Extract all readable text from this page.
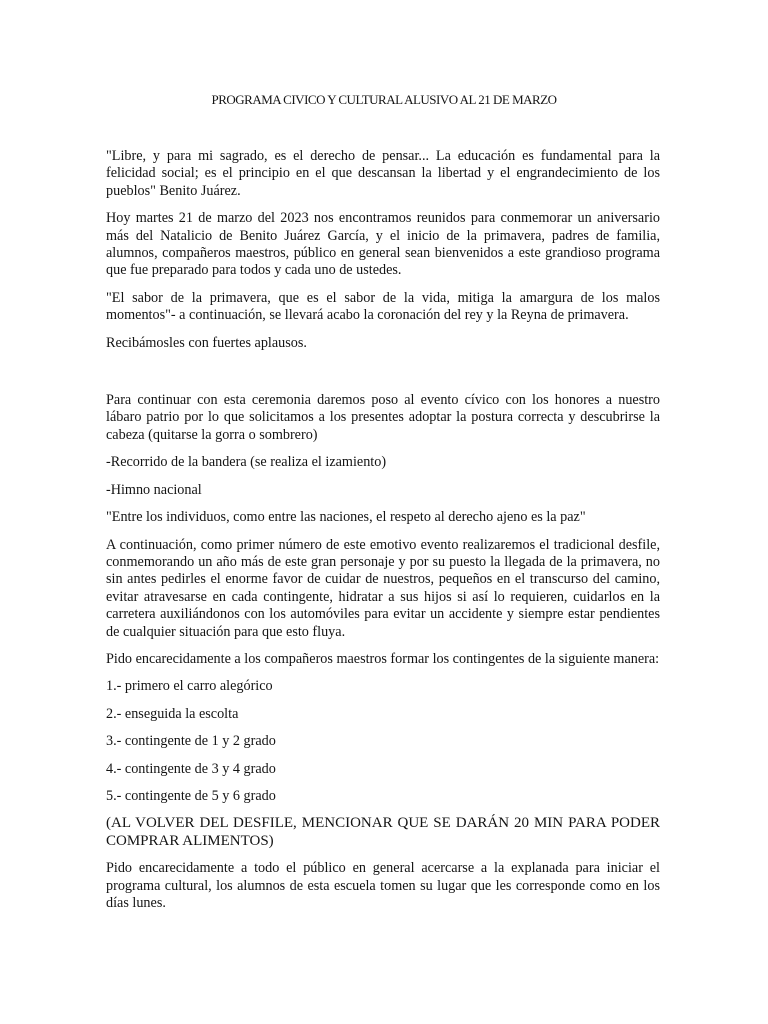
PROGRAMA CIVICO Y CULTURAL ALUSIVO AL 21 DE MARZO

"Libre, y para mi sagrado, es el derecho de pensar... La educación es fundamental para la felicidad social; es el principio en el que descansan la libertad y el engrandecimiento de los pueblos" Benito Juárez.

Hoy martes 21 de marzo del 2023 nos encontramos reunidos para conmemorar un aniversario más del Natalicio de Benito Juárez García, y el inicio de la primavera, padres de familia, alumnos, compañeros maestros, público en general sean bienvenidos a este grandioso programa que fue preparado para todos y cada uno de ustedes.

"El sabor de la primavera, que es el sabor de la vida, mitiga la amargura de los malos momentos"- a continuación, se llevará acabo la coronación del rey y la Reyna de primavera.

Recibámosles con fuertes aplausos.

Para continuar con esta ceremonia daremos poso al evento cívico con los honores a nuestro lábaro patrio por lo que solicitamos a los presentes adoptar la postura correcta y descubrirse la cabeza (quitarse la gorra o sombrero)

-Recorrido de la bandera (se realiza el izamiento)

-Himno nacional

"Entre los individuos, como entre las naciones, el respeto al derecho ajeno es la paz"

A continuación, como primer número de este emotivo evento realizaremos el tradicional desfile, conmemorando un año más de este gran personaje y por su puesto la llegada de la primavera, no sin antes pedirles el enorme favor de cuidar de nuestros, pequeños en el transcurso del camino, evitar atravesarse en cada contingente, hidratar a sus hijos si así lo requieren, cuidarlos en la carretera auxiliándonos con los automóviles para evitar un accidente y siempre estar pendientes de cualquier situación para que esto fluya.

Pido encarecidamente a los compañeros maestros formar los contingentes de la siguiente manera:

1.- primero el carro alegórico

2.- enseguida la escolta

3.- contingente de 1 y 2 grado

4.- contingente de 3 y 4 grado

5.- contingente de 5 y 6 grado

(AL VOLVER DEL DESFILE, MENCIONAR QUE SE DARÁN 20 MIN PARA PODER COMPRAR ALIMENTOS)

Pido encarecidamente a todo el público en general acercarse a la explanada para iniciar el programa cultural, los alumnos de esta escuela tomen su lugar que les corresponde como en los días lunes.
